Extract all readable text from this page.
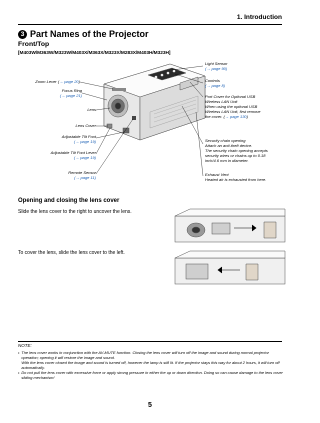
1. Introduction
3 Part Names of the Projector
Front/Top
[M403W/M363W/M323W/M403X/M363X/M323X/M283X/M403H/M323H]
Zoom Lever (→ page 20)
Focus Ring
(→ page 21)
Lens
Lens Cover
Adjustable Tilt Foot
(→ page 19)
Adjustable Tilt Foot Lever
(→ page 19)
Remote Sensor
(→ page 11)
Light Sensor
(→ page 90)
Controls
(→ page 8)
Port Cover for Optional USB
Wireless LAN Unit
When using the optional USB
Wireless LAN Unit, first remove
the cover. (→ page 130)
Security chain opening
Attach an anti-theft device.
The security chain opening accepts
security wires or chains up to 0.18
inch/4.6 mm in diameter.
Exhaust Vent
Heated air is exhausted from here.
Opening and closing the lens cover
Slide the lens cover to the right to uncover the lens.
To cover the lens, slide the lens cover to the left.
NOTE:
• The lens cover works in conjunction with the AV-MUTE function. Closing the lens cover will turn off the image and sound during normal projector operation; opening it will restore the image and sound.
With the lens cover closed the image and sound is turned off, however the lamp is still lit. If the projector stays this way for about 2 hours, it will turn off automatically.
• Do not pull the lens cover with excessive force or apply strong pressure in either the up or down direction. Doing so can cause damage to the lens cover sliding mechanism!
5
